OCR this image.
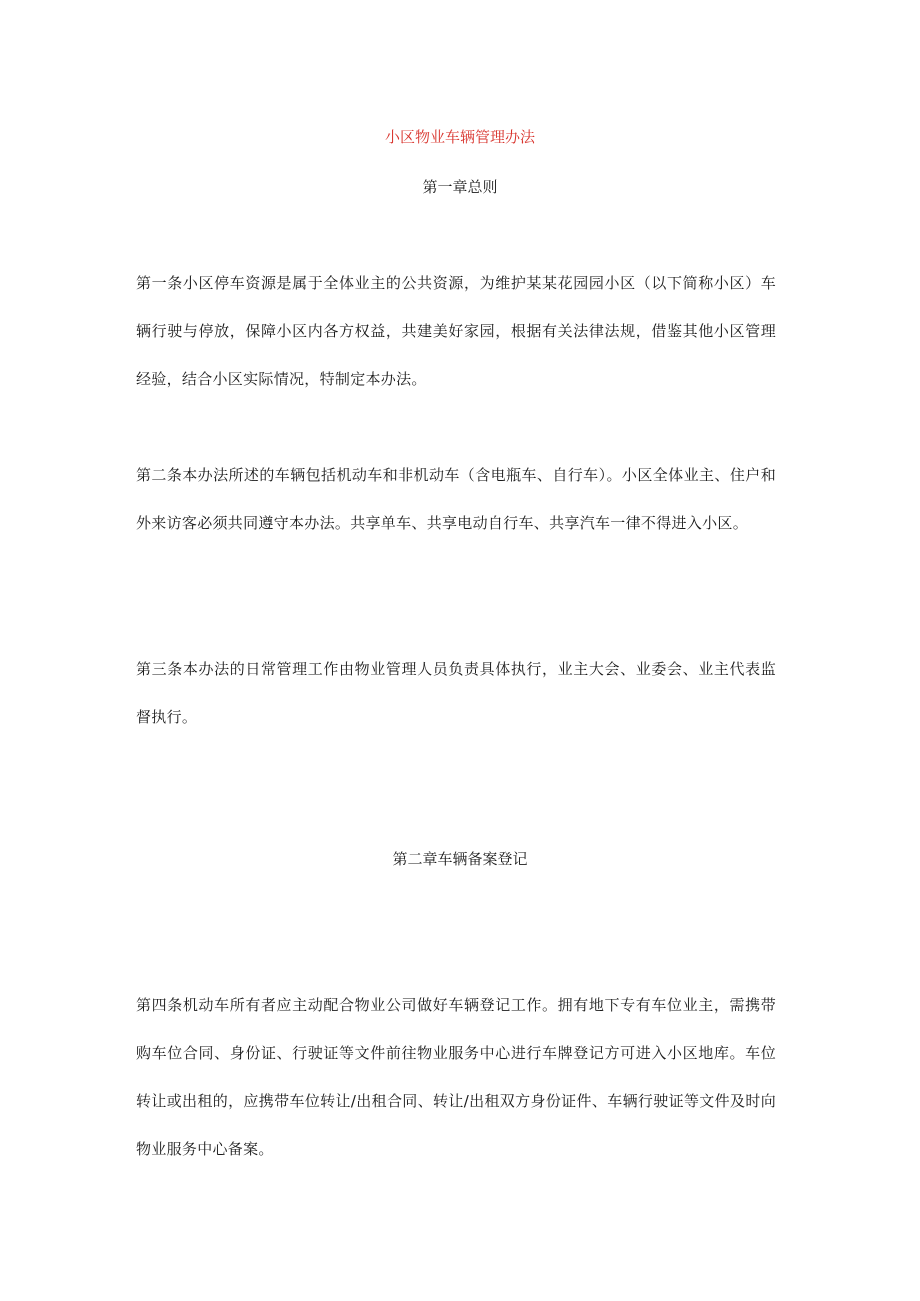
小区物业车辆管理办法
第一章总则
第一条小区停车资源是属于全体业主的公共资源，为维护某某花园园小区（以下简称小区）车辆行驶与停放，保障小区内各方权益，共建美好家园，根据有关法律法规，借鉴其他小区管理经验，结合小区实际情况，特制定本办法。
第二条本办法所述的车辆包括机动车和非机动车（含电瓶车、自行车）。小区全体业主、住户和外来访客必须共同遵守本办法。共享单车、共享电动自行车、共享汽车一律不得进入小区。
第三条本办法的日常管理工作由物业管理人员负责具体执行，业主大会、业委会、业主代表监督执行。
第二章车辆备案登记
第四条机动车所有者应主动配合物业公司做好车辆登记工作。拥有地下专有车位业主，需携带购车位合同、身份证、行驶证等文件前往物业服务中心进行车牌登记方可进入小区地库。车位转让或出租的，应携带车位转让/出租合同、转让/出租双方身份证件、车辆行驶证等文件及时向物业服务中心备案。
